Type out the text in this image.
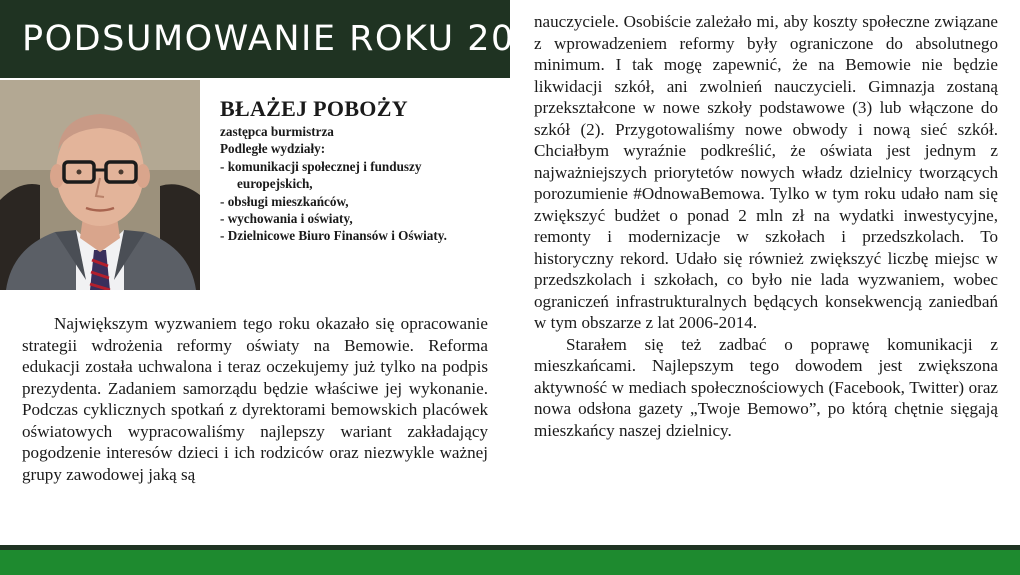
PODSUMOWANIE ROKU 2016
BŁAŻEJ POBOŻY
zastępca burmistrza
Podległe wydziały:
- komunikacji społecznej i funduszy
europejskich,
- obsługi mieszkańców,
- wychowania i oświaty,
- Dzielnicowe Biuro Finansów i Oświaty.

Największym wyzwaniem tego roku okazało się opracowanie strategii wdrożenia reformy oświaty na Bemowie. Reforma edukacji została uchwalona i teraz oczekujemy już tylko na podpis prezydenta. Zadaniem samorządu będzie właściwe jej wykonanie. Podczas cyklicznych spotkań z dyrektorami bemowskich placówek oświatowych wypracowaliśmy najlepszy wariant zakładający pogodzenie interesów dzieci i ich rodziców oraz niezwykle ważnej grupy zawodowej jaką są

nauczyciele. Osobiście zależało mi, aby koszty społeczne związane z wprowadzeniem reformy były ograniczone do absolutnego minimum. I tak mogę zapewnić, że na Bemowie nie będzie likwidacji szkół, ani zwolnień nauczycieli. Gimnazja zostaną przekształcone w nowe szkoły podstawowe (3) lub włączone do szkół (2). Przygotowaliśmy nowe obwody i nową sieć szkół. Chciałbym wyraźnie podkreślić, że oświata jest jednym z najważniejszych priorytetów nowych władz dzielnicy tworzących porozumienie #OdnowaBemowa. Tylko w tym roku udało nam się zwiększyć budżet o ponad 2 mln zł na wydatki inwestycyjne, remonty i modernizacje w szkołach i przedszkolach. To historyczny rekord. Udało się również zwiększyć liczbę miejsc w przedszkolach i szkołach, co było nie lada wyzwaniem, wobec ograniczeń infrastrukturalnych będących konsekwencją zaniedbań w tym obszarze z lat 2006-2014.

Starałem się też zadbać o poprawę komunikacji z mieszkańcami. Najlepszym tego dowodem jest zwiększona aktywność w mediach społecznościowych (Facebook, Twitter) oraz nowa odsłona gazety „Twoje Bemowo”, po którą chętnie sięgają mieszkańcy naszej dzielnicy.
